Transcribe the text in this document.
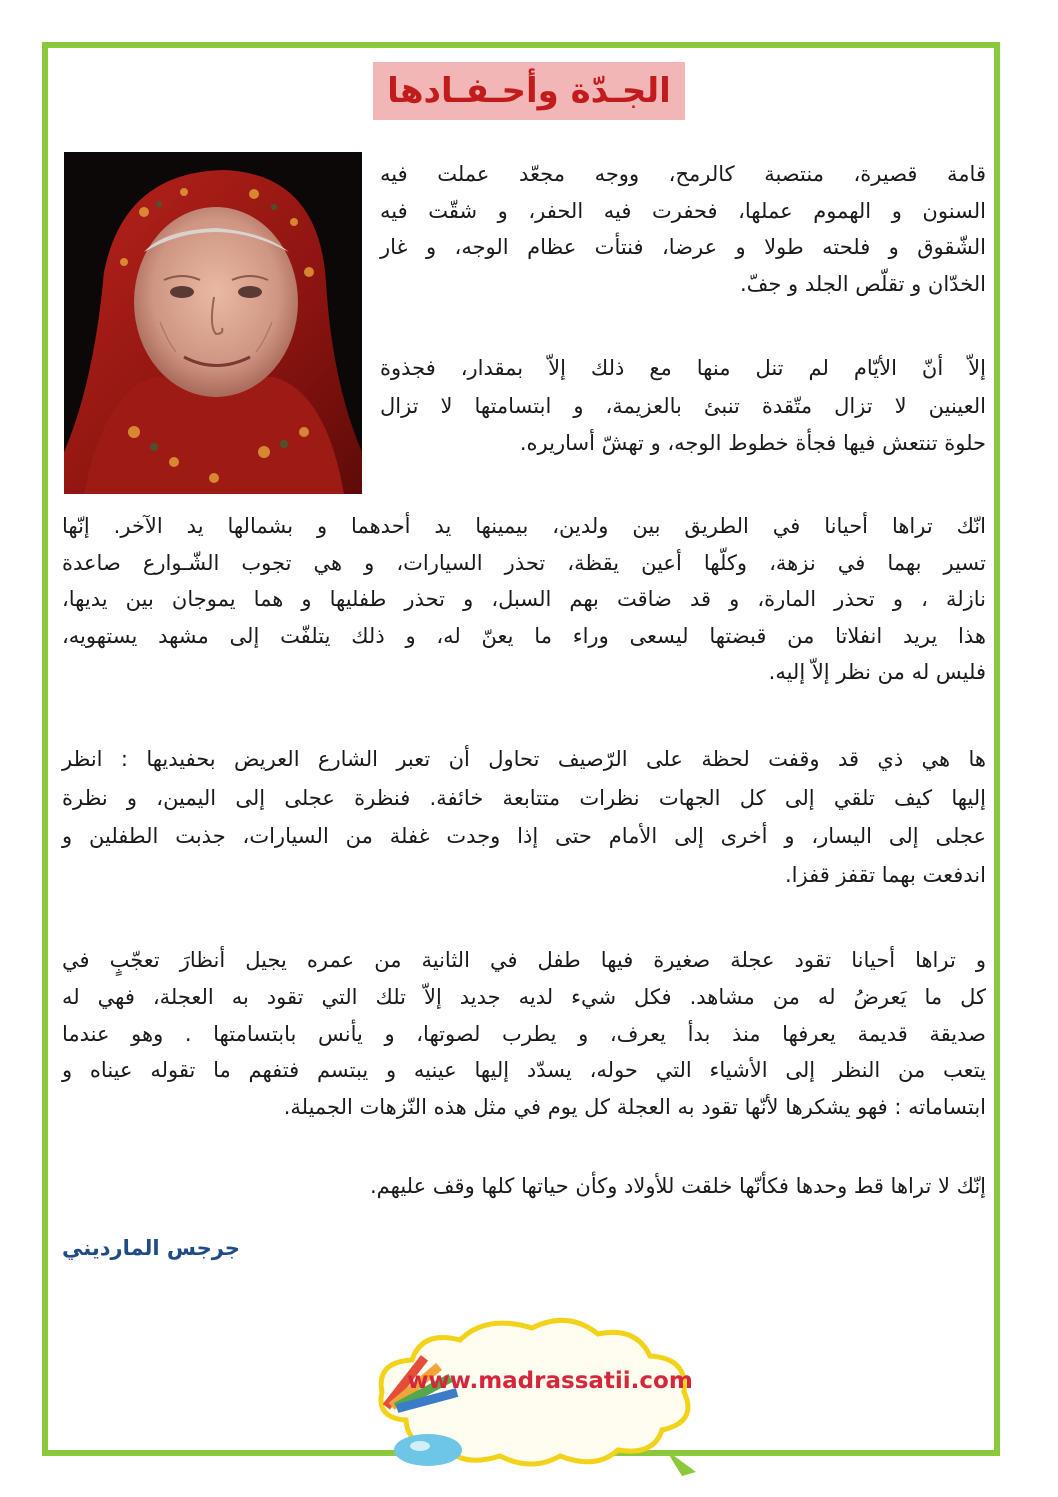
الجـدّة وأحـفـادها
قامة قصيرة، منتصبة كالرمح، ووجه مجعّد عملت فيه
السنون و الهموم عملها، فحفرت فيه الحفر، و شقّت فيه
الشّقوق و فلحته طولا و عرضا، فنتأت عظام الوجه، و غار
الخدّان و تقلّص الجلد و جفّ.
إلاّ أنّ الأيّام لم تنل منها مع ذلك إلاّ بمقدار، فجذوة
العينين لا تزال متّقدة تنبئ بالعزيمة، و ابتسامتها لا تزال
حلوة تنتعش فيها فجأة خطوط الوجه، و تهشّ أساريره.
انّك تراها أحيانا في الطريق بين ولدين، بيمينها يد أحدهما و بشمالها يد الآخر. إنّها
تسير بهما في نزهة، وكلّها أعين يقظة، تحذر السيارات، و هي تجوب الشّـوارع صاعدة
نازلة ، و تحذر المارة، و قد ضاقت بهم السبل، و تحذر طفليها و هما يموجان بين يديها،
هذا يريد انفلاتا من قبضتها ليسعى وراء ما يعنّ له، و ذلك يتلفّت إلى مشهد يستهويه،
فليس له من نظر إلاّ إليه.
ها هي ذي قد وقفت لحظة على الرّصيف تحاول أن تعبر الشارع العريض بحفيديها : انظر
إليها كيف تلقي إلى كل الجهات نظرات متتابعة خائفة. فنظرة عجلى إلى اليمين، و نظرة
عجلى إلى اليسار، و أخرى إلى الأمام حتى إذا وجدت غفلة من السيارات، جذبت الطفلين و
اندفعت بهما تقفز قفزا.
و تراها أحيانا تقود عجلة صغيرة فيها طفل في الثانية من عمره يجيل أنظارَ تعجّبٍ في
كل ما يَعرضُ له من مشاهد. فكل شيء لديه جديد إلاّ تلك التي تقود به العجلة، فهي له
صديقة قديمة يعرفها منذ بدأ يعرف، و يطرب لصوتها، و يأنس بابتسامتها . وهو عندما
يتعب من النظر إلى الأشياء التي حوله، يسدّد إليها عينيه و يبتسم فتفهم ما تقوله عيناه و
ابتساماته : فهو يشكرها لأنّها تقود به العجلة كل يوم في مثل هذه النّزهات الجميلة.
إنّك لا تراها قط وحدها فكأنّها خلقت للأولاد وكأن حياتها كلها وقف عليهم.
جرجس المارديني
www.madrassatii.com
